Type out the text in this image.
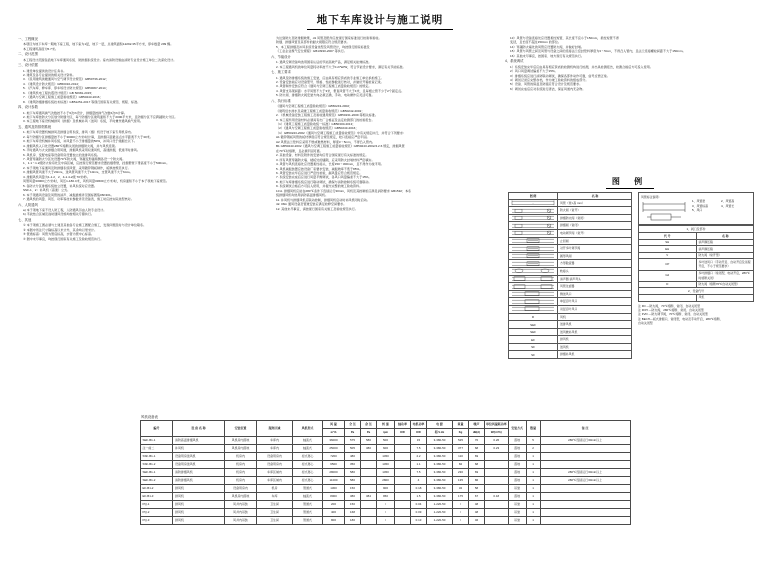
地下车库设计与施工说明
一、工程概况
本项目为地下车库一期地下室工程，地下室为1层，地下一层，总建筑面积12292.35平方米，停车数量 299 辆。
本工程建筑高度为5.7米。
二、设计范围
本工程设计范围包括地下车库通风系统、防排烟系统设计。室内消防设施由消防专业设计施工单位二次深化设计。
三、设计依据
1. 建设单位提供的设计任务书。
2. 建筑及各专业提供的相关设计资料。
3. 《民用建筑供暖通风与空气调节设计规范》GB50736-2012；
4. 《建筑设计防火规范》GB50016-2014；
5. 《汽车库、修车库、停车场设计防火规范》GB50067-2014；
6. 《建筑机电工程抗震设计规范》GB 50981-2015；
7. 《通风与空调工程施工质量验收规范》GB50243-2016；
8. 《建筑防烟排烟系统技术标准》GB51251-2017 等现行国家有关规范、规程、标准。
四、设计参数
1. 地下车库通风换气次数按不小于6次/h设计，排烟量按换气次数6次/h计算。
2. 地下车库按防火分区划分防烟分区，每个防烟分区建筑面积不大于2000平方米，且防烟分区不应跨越防火分区。
3. 本工程地下室设机械排风（排烟）及机械补风（送风）系统，平时兼作通风换气使用。
五、通风及防排烟系统
1. 地下车库设置机械排风及排烟合用系统，排风（烟）机设于地下室专用机房内。
2. 每个防烟分区排烟量按不小于30000立方米/时计算，且排烟口距最远点水平距离不大于30米。
3. 地下车库设机械补风系统，补风量不小于排烟量的50%，补风口设于储烟仓以下。
4. 排烟风机入口处设置280℃熔断关闭的排烟防火阀，并与风机连锁。
5. 平时通风与火灾排烟合用风道，排烟风机采用双速风机，高速排烟，低速平时排风。
6. 风机房、变配电室等设备用房设置独立的送排风系统。
7. 风管穿越防火分区处设置70℃防火阀，穿越变形缝两侧各设一个防火阀。
1、1.1～1.2级防火卷帘处及中庭区域，应按现行规范要求设置挡烟垂壁，挡烟垂壁下垂高度不小于500mm。
2. 本子项地下室通风及防排烟系统风管，采用镀锌钢板制作，板厚按规范执行。
3. 排烟风管风速不大于20m/s，送风管风速不大于10m/s，支管风速不大于6m/s。
4. 排烟风机风量为1-1.2、2、4-1.4-2级 70米/秒。
风管风量33000立方米/时，风压1-180.4米，风机风量33600立方米/时，机房面积不小于本子项地下室规范。
5. 各防火分区排烟系统独立设置，补风系统对应设置。
SSF-1、2：补风机（高速）立式。
6. 本子项通风设备及风管的消声、减振措施详见国标图集06K301。
7. 通风机的风量、风压、功率等技术参数详见设备表，施工时应按实际选型核对。
六、人防通风
a) 本子项地下室不设人防工程，人防通风另由人防专业设计。
b) 平战结合区域及战时通风设施均按相关专篇执行。
七、其他
① 本子项施工图必须与土建及其他各专业施工图配合施工，发现问题及时与设计单位联系。
② 本图中所注尺寸除标高以米计外，其余均以毫米计。
③ 管道标高：风管为管底标高，水管为管中心标高。
④ 图中未尽事宜，均按现行国家有关施工及验收规范执行。
为达到防火及防排烟效果，d1 风管及配件应按现行国家标准进行检验和验收。
防烟、排烟风管及其部件的耐火极限应符合规范要求。
5、本工程排烟及补风系统设备选型及风管设计，均按现行国家标准及
《工业企业煤气安全规程》GB13930-2007 等执行。
六、节能设计
1. 通风空调设备均选用国家认证的节能高效产品，满足相关能效标准。
2. 本工程通风机的单位风量耗功率按不大于0.27W/W，符合节能设计要求，满足有关节能标准。
七、施工要求
1. 通风及防排烟系统的施工安装，应由具有相应资质的专业施工单位承担施工。
2. 设备安装前应对设备型号、规格、性能参数进行核对，并做好开箱检查记录。
3. 风管制作安装应符合《通风与空调工程施工质量验收规范》的规定。
4. 风管支吊架间距：水平风管不大于3米，垂直风管不大于4米，且每根立管不少于2个固定点。
5. 防火阀、排烟防火阀安装方向必须正确，手动、电动操作应灵活可靠。
八、执行标准
《通风与空调工程施工质量验收规范》GB50243-2002；
《建筑给水排水及采暖工程施工质量验收规范》GB50242-2002；
2. 《机械设备安装工程施工及验收通用规范》GB50231-2009 等相关标准。
3. 本工程所用设备材料必须具有出厂合格证及法定检测部门的检验报告。
（1）《建筑工程施工质量验收统一标准》GB50300-2013；
（2）《通风与空调工程施工质量验收规范》GB50243-2016；
（1）GB50243-2002《通风与空调工程施工质量验收规范》中有关规定执行，并符合下列要求：
A1 镀锌钢板风管的板材厚度应符合规范规定，咬口连接应严密牢固。
A2 风管法兰垫料应采用不燃或难燃材料，厚度3～5mm，不得凸入管内。
B1 GB50243-2002《通风与空调工程施工质量验收规范》GB50243-2002/4.2.6 规定，排烟风管
在70℃时熔断，且必须牢固可靠。
2. 其他设备、材料及附件的安装均应符合国家现行有关标准的规定。
3. 所有风管穿越防火墙、楼板处的缝隙，应采用防火封堵材料严密填实。
4. 风管与风机连接处应设置柔性接头，长度150～300mm，且不得作为找平用。
5. 风机减振装置应按设备厂家要求安装，减振效率不低于85%。
6. 风管安装完毕后应进行严密性检验，漏风量应符合规范规定。
7. 系统安装完成后应进行风量平衡调试，各风口风量偏差不大于15%。
8. 地下车库排烟系统应进行联动调试，确保与消防控制系统可靠联动。
9. 系统调试合格后方可投入使用，并提交完整的竣工验收资料。
10 A. 排烟风机应能在280℃条件下连续运行30min，风机及其控制柜应满足消防要求 GB1532；本系
统排烟风机均选用消防高温排烟风机。
11. 补风机与排烟风机应联动控制，排烟风机启动时补风机同时启动。
42. 08m 通风设备及管道安装应满足检修空间要求。
12. 其他未尽事宜，请按现行国家有关施工及验收规范执行。
13）风管与设备连接处应设置柔性短管，其长度不宜小于150mm，柔性短管不得
变径，且长度不超过150mm 的部位。
14）穿越防火墙处的风管应设置防火阀，并做好封堵。
15）风管与风管之间及风管与设备之间的连接法兰密封垫料厚度为3～5mm，不得凸入管内，且法兰连接螺栓间距不大于150mm。
16）其他未尽事宜，按国家、地方现行有关规范执行。
4、系统调试
1）系统安装完毕后应由具有相应资质的检测机构进行检测，并出具检测报告，检测合格后方可投入使用。
2）风口风量调试偏差不大于15%。
3）排烟系统应进行消防联动调试，确保各部件动作可靠，信号反馈正常。
4）调试记录应完整存档，作为竣工验收资料的组成部分。
5）设备、风管的保温及防腐应符合设计及规范要求。
6）调试完成后应对系统进行清洁，保证风道内无杂物。
图 例
图 例	名 称

···	风管（宽×高 mm）

	防火阀（常开）

	排烟防火阀（常闭）

	排烟阀（常闭）

	电动调节阀（常开）

	止回阀

	对开多叶调节阀

	圆形风阀

	方形散流器

	软接头

	消声器 消声弯头

	风管过滤器

	侧送风口

	单层百叶风口

	双层百叶风口

R	风机

SEF	送排风机

SEF	送风兼补风机

EF	排风机

SF	送风机

SF	排烟补风机
风管标注说明：
1、风管宽	2、风管高
3、风管标高	4、风管长
5、风口
1、阀门及部件	
代 号	名 称
SH	消声静压箱
EH	消声静压箱
V	防火阀（常开型）
CP	多叶送风口（手动开启、自动开启及远程开启，不小于规范要求）
G2	多叶排烟口（常闭型，电动开启，280℃时熔断关闭）
D	防火阀（熔断70℃自动关闭型）
2、设备代号	
	风机
注 FD —防火阀，70℃熔断、常闭、自动关闭型
注 FDH —防火阀，280℃熔断、常闭、自动关闭型
注 FVD —防火调节阀，70℃熔断、常闭、自动关闭型
注 BECH—板式排烟口，常闭型，电动及手动开启，280℃熔断、
自动关闭型
风机设备表
编号	设 备 名 称	安装位置	服务区域	风机形式	风 量	全 压	余 压	转 速	轴功率	电机功率	电 源	重量	噪声	单位风量耗功率	安装方式	数量	备 注
					m³/h	Pa	Pa	rpm	KW	KW	相-V-Hz	Kg	dB(A)	W/(m³/h)			
SEF-B1-1	消防高温排烟风机	风机房内落地	车库内	轴流式	36000	575	580	500		15	3-380-50	525	70	0.26	落地	5	280℃连续运行30min以上
注一前二	补风机	风机房内落地	车库内	轴流式	25000	505	380	600		7.5	3-380-50	377	68	0.23	落地	2	
SSF-B1-1	设备用房送风机	机房内	设备用房内	柜式离心	7200	480		1450		2.2	3-380-50	110	69		落地	1	
SSF-B1-2	设备用房送风机	机房内	设备用房内	柜式离心	6500	350		1450		1.1	3-380-50	82	68		落地	1	
SEF-B1-1	消防排烟风机	机房内	车库区域内	柜式离心	28000	580		1450		7.5	3-380-50	230	69		落地	1	280℃连续运行30min以上
SEF-B1-2	消防排烟风机	机房内	车库区域内	柜式离心	11000	580		2800		4	3-380-50	135	86		落地	1	280℃连续运行30min以上
EF-B1-2	排风机	设备用房内	机房	管道式	1300	150		900		0.18	3-380-50	32	58		吊装	1	
EF-B1-3	排风机	风机房内落地	车库	轴流式	8000	380	384	950		1.5	3-380-50	175	67	0.18	落地	1	
PQ-1	排风机	风井内吊装	卫生间	管道式	200	150		/		0.04	1-220-50	/	48		吊装	1	
PQ-2	排风机	风井内吊装	卫生间	管道式	400	168		/		0.09	1-220-50	/	48		吊装	1	
PQ-3	排风机	风井内吊装	卫生间	管道式	800	180		/		0.13	1-220-50	/	46		吊装	1	
